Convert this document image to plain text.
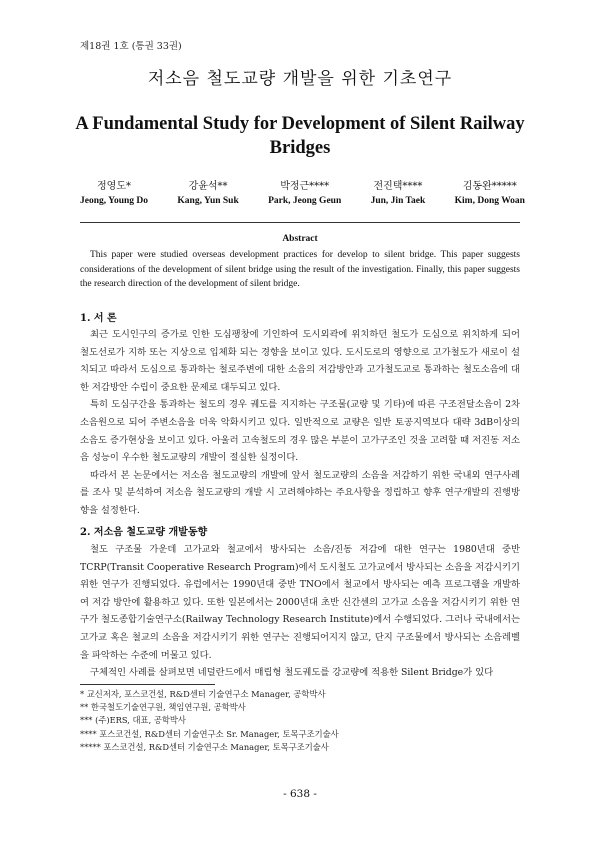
제18권 1호 (통권 33권)
저소음 철도교량 개발을 위한 기초연구
A Fundamental Study for Development of Silent Railway Bridges
정영도*
Jeong, Young Do
강윤석**
Kang, Yun Suk
박정근****
Park, Jeong Geun
전진택****
Jun, Jin Taek
김동완*****
Kim, Dong Woan
Abstract
This paper were studied overseas development practices for develop to silent bridge. This paper suggests considerations of the development of silent bridge using the result of the investigation. Finally, this paper suggests the research direction of the development of silent bridge.
1. 서 론

최근 도시인구의 증가로 인한 도심팽창에 기인하여 도시외곽에 위치하던 철도가 도심으로 위치하게 되어 철도선로가 지하 또는 지상으로 입체화 되는 경향을 보이고 있다. 도시도로의 영향으로 고가철도가 새로이 설치되고 따라서 도심으로 통과하는 철로주변에 대한 소음의 저감방안과 고가철도교로 통과하는 철도소음에 대한 저감방안 수립이 중요한 문제로 대두되고 있다.

특히 도심구간을 통과하는 철도의 경우 궤도를 지지하는 구조물(교량 및 기타)에 따른 구조전달소음이 2차 소음원으로 되어 주변소음을 더욱 악화시키고 있다. 일반적으로 교량은 일반 토공지역보다 대략 3dB이상의 소음도 증가현상을 보이고 있다. 아울러 고속철도의 경우 많은 부분이 고가구조인 것을 고려할 때 저진동 저소음 성능이 우수한 철도교량의 개발이 절실한 실정이다.

따라서 본 논문에서는 저소음 철도교량의 개발에 앞서 철도교량의 소음을 저감하기 위한 국내외 연구사례를 조사 및 분석하여 저소음 철도교량의 개발 시 고려해야하는 주요사항을 정립하고 향후 연구개발의 진행방향을 설정한다.

2. 저소음 철도교량 개발동향

철도 구조물 가운데 고가교와 철교에서 방사되는 소음/진동 저감에 대한 연구는 1980년대 중반 TCRP(Transit Cooperative Research Program)에서 도시철도 고가교에서 방사되는 소음을 저감시키기 위한 연구가 진행되었다. 유럽에서는 1990년대 중반 TNO에서 철교에서 방사되는 예측 프로그램을 개발하여 저감 방안에 활용하고 있다. 또한 일본에서는 2000년대 초반 신간센의 고가교 소음을 저감시키기 위한 연구가 철도종합기술연구소(Railway Technology Research Institute)에서 수행되었다. 그러나 국내에서는 고가교 혹은 철교의 소음을 저감시키기 위한 연구는 진행되어지지 않고, 단지 구조물에서 방사되는 소음레벨을 파악하는 수준에 머물고 있다.

구체적인 사례를 살펴보면 네덜란드에서 매립형 철도궤도를 강교량에 적용한 Silent Bridge가 있다

* 교신저자, 포스코건설, R&D센터 기술연구소 Manager, 공학박사
** 한국철도기술연구원, 책임연구원, 공학박사
*** (주)ERS, 대표, 공학박사
**** 포스코건설, R&D센터 기술연구소 Sr. Manager, 토목구조기술사
***** 포스코건설, R&D센터 기술연구소 Manager, 토목구조기술사
- 638 -
